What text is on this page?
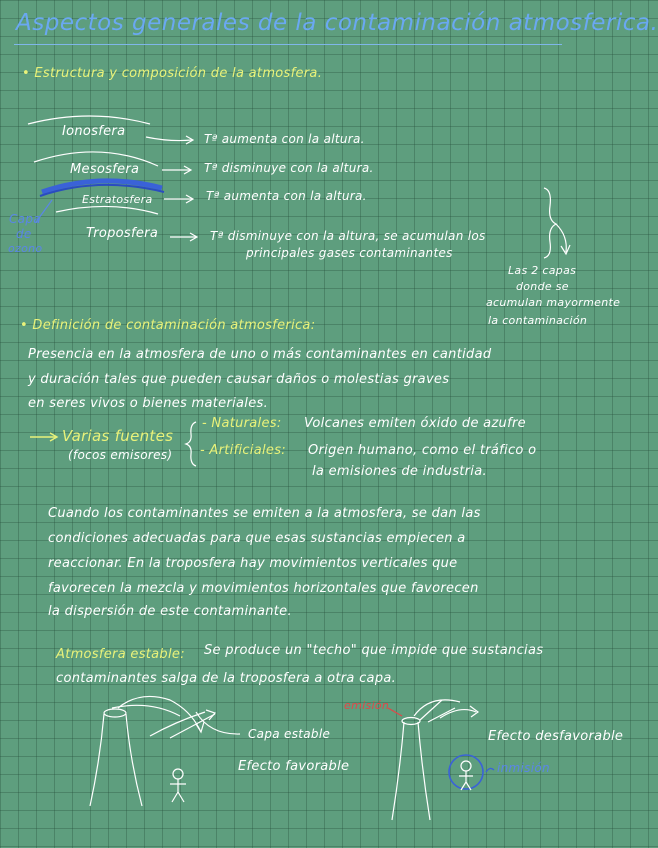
Aspectos generales de la contaminación atmosferica.
• Estructura y composición de la atmosfera.
Ionosfera	Tª aumenta con la altura.
Mesosfera	Tª disminuye con la altura.
Estratosfera	Tª aumenta con la altura.
Troposfera	Tª disminuye con la altura, se acumulan los
principales gases contaminantes
Capa
de
ozono
Las 2 capas
donde se
acumulan mayormente
la contaminación
• Definición de contaminación atmosferica:
Presencia en la atmosfera de uno o más contaminantes en cantidad
y duración tales que pueden causar daños o molestias graves
en seres vivos o bienes materiales.
Varias fuentes
(focos emisores)
- Naturales: Volcanes emiten óxido de azufre
- Artificiales: Origen humano, como el tráfico o
la emisiones de industria.
Cuando los contaminantes se emiten a la atmosfera, se dan las
condiciones adecuadas para que esas sustancias empiecen a
reaccionar. En la troposfera hay movimientos verticales que
favorecen la mezcla y movimientos horizontales que favorecen
la dispersión de este contaminante.
Atmosfera estable: Se produce un "techo" que impide que sustancias
contaminantes salga de la troposfera a otra capa.
Capa estable
Efecto favorable
emisión
Efecto desfavorable
inmisión
